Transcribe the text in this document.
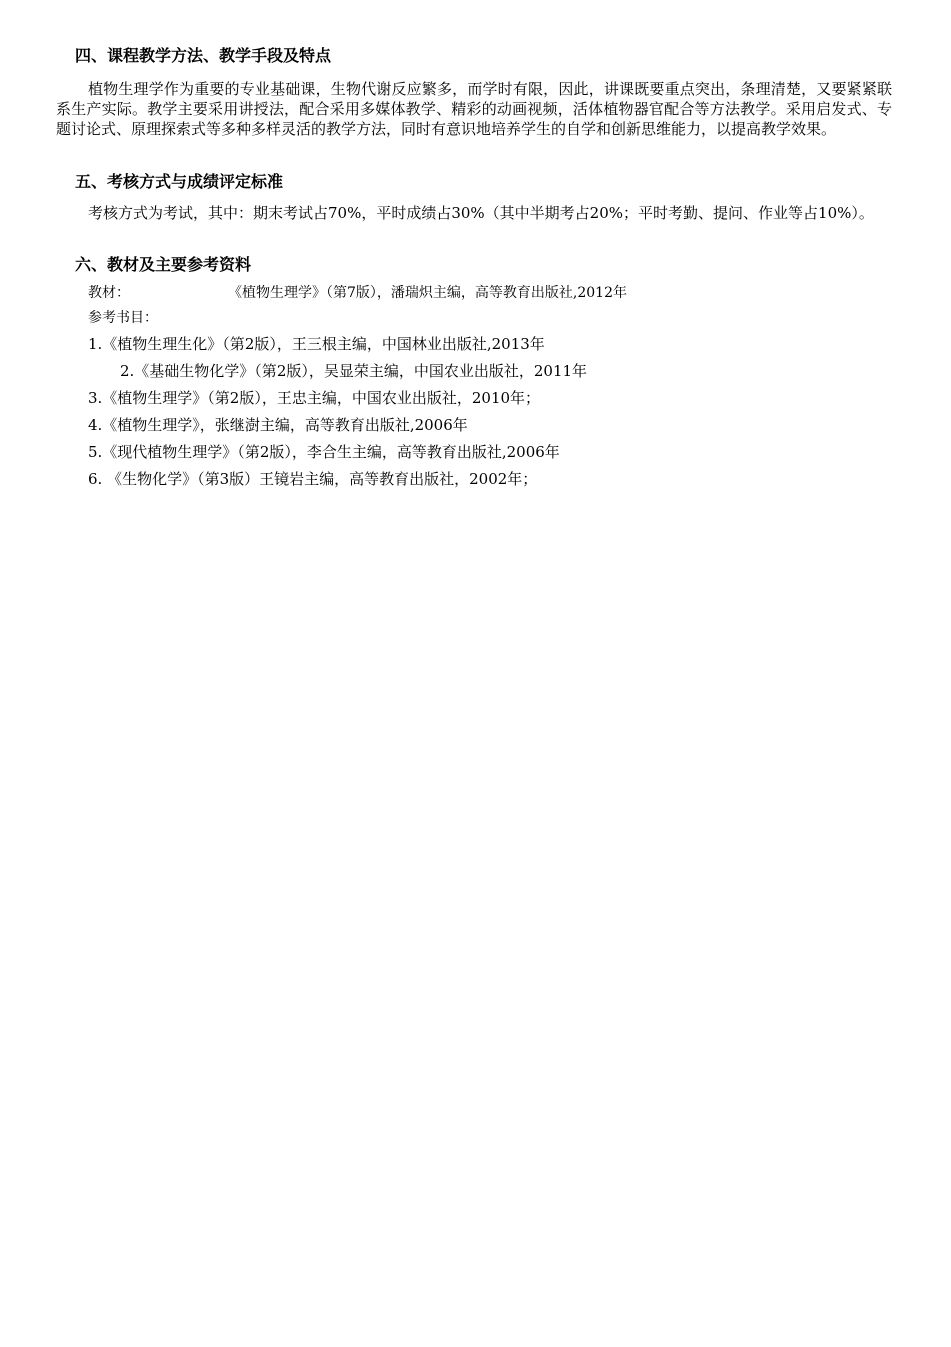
四、课程教学方法、教学手段及特点
植物生理学作为重要的专业基础课，生物代谢反应繁多，而学时有限，因此，讲课既要重点突出，条理清楚，又要紧紧联系生产实际。教学主要采用讲授法，配合采用多媒体教学、精彩的动画视频，活体植物器官配合等方法教学。采用启发式、专题讨论式、原理探索式等多种多样灵活的教学方法，同时有意识地培养学生的自学和创新思维能力，以提高教学效果。
五、考核方式与成绩评定标准
考核方式为考试，其中：期末考试占70%，平时成绩占30%（其中半期考占20%；平时考勤、提问、作业等占10%）。
六、教材及主要参考资料
教材：	《植物生理学》（第7版），潘瑞炽主编，高等教育出版社,2012年
参考书目：
1.《植物生理生化》（第2版），王三根主编，中国林业出版社,2013年
2.《基础生物化学》（第2版），吴显荣主编，中国农业出版社，2011年
3.《植物生理学》（第2版），王忠主编，中国农业出版社，2010年；
4.《植物生理学》，张继澍主编，高等教育出版社,2006年
5.《现代植物生理学》（第2版），李合生主编，高等教育出版社,2006年
6. 《生物化学》（第3版）王镜岩主编，高等教育出版社，2002年；
